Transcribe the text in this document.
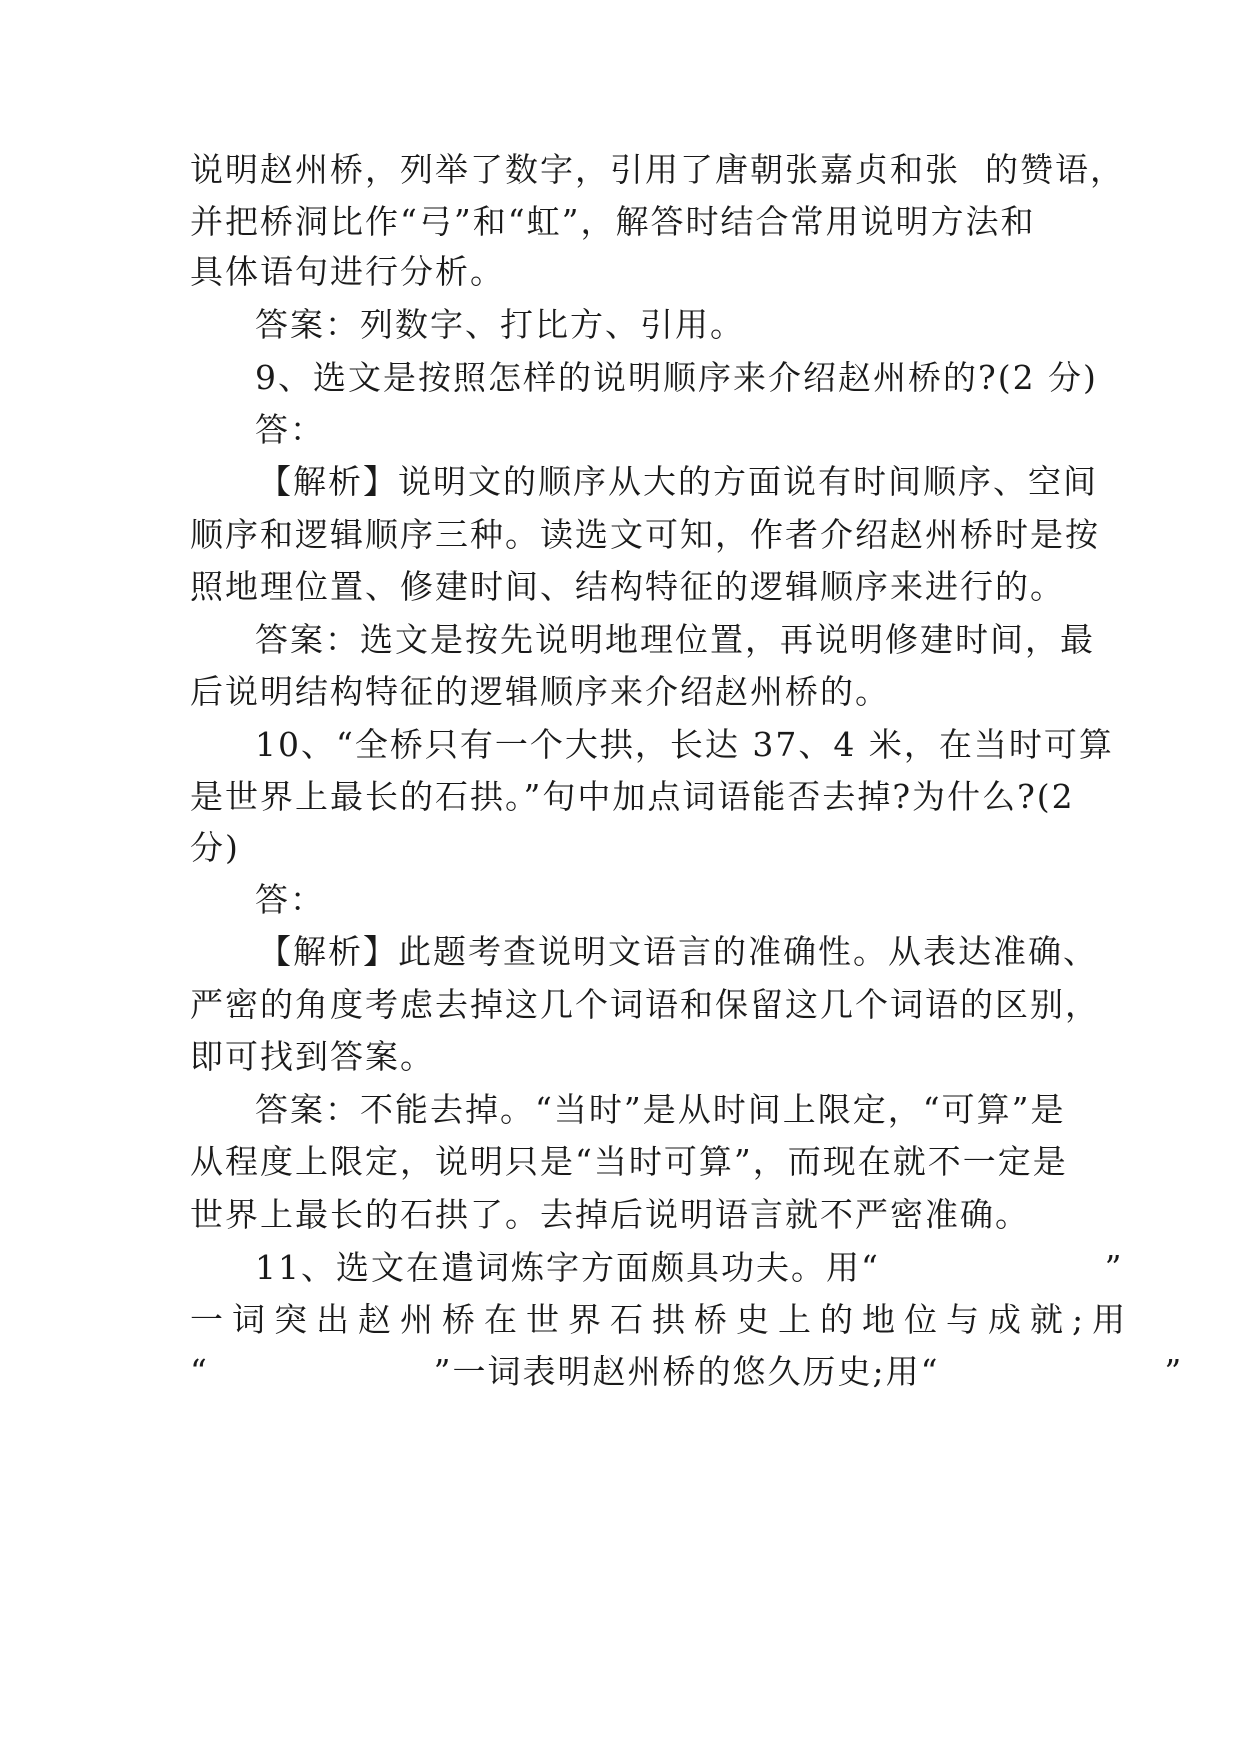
说明赵州桥，列举了数字，引用了唐朝张嘉贞和张  的赞语，
并把桥洞比作“弓”和“虹”，解答时结合常用说明方法和
具体语句进行分析。
答案：列数字、打比方、引用。
9、选文是按照怎样的说明顺序来介绍赵州桥的?(2 分)
答：
【解析】说明文的顺序从大的方面说有时间顺序、空间
顺序和逻辑顺序三种。读选文可知，作者介绍赵州桥时是按
照地理位置、修建时间、结构特征的逻辑顺序来进行的。
答案：选文是按先说明地理位置，再说明修建时间，最
后说明结构特征的逻辑顺序来介绍赵州桥的。
10、“全桥只有一个大拱，长达 37、4 米，在当时可算
是世界上最长的石拱。”句中加点词语能否去掉?为什么?(2
分)
答：
【解析】此题考查说明文语言的准确性。从表达准确、
严密的角度考虑去掉这几个词语和保留这几个词语的区别，
即可找到答案。
答案：不能去掉。“当时”是从时间上限定，“可算”是
从程度上限定，说明只是“当时可算”，而现在就不一定是
世界上最长的石拱了。去掉后说明语言就不严密准确。
11、选文在遣词炼字方面颇具功夫。用“                  ”
一词突出赵州桥在世界石拱桥史上的地位与成就;用
“                  ”一词表明赵州桥的悠久历史;用“                  ”
